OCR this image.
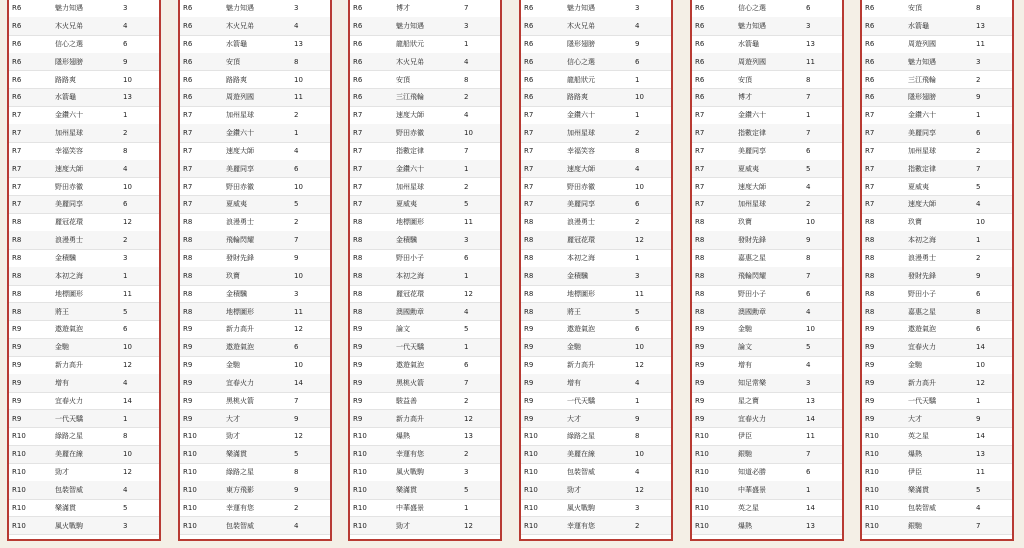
R6	魅力知遇	3
R6	木火兄弟	4
R6	信心之選	6
R6	隱形翅膀	9
R6	路路爽	10
R6	水箭龜	13
R7	金鑽六十	1
R7	加州星球	2
R7	幸福笑容	8
R7	速度大師	4
R7	野田赤徽	10
R7	美麗同享	6
R8	麗冠花環	12
R8	浪漫勇士	2
R8	金積驥	3
R8	本初之海	1
R8	地標圖形	11
R8	將王	5
R9	遨遊氣泡	6
R9	金馳	10
R9	新力高升	12
R9	增有	4
R9	宜春火力	14
R9	一代天驕	1
R10	綠路之星	8
R10	美麗在線	10
R10	勁才	12
R10	包裝智威	4
R10	樂滿貫	5
R10	風火戰駒	3
R6	魅力知遇	3
R6	木火兄弟	4
R6	水箭龜	13
R6	安頂	8
R6	路路爽	10
R6	周遊列國	11
R7	加州星球	2
R7	金鑽六十	1
R7	速度大師	4
R7	美麗同享	6
R7	野田赤徽	10
R7	夏威夷	5
R8	浪漫勇士	2
R8	飛輪閃耀	7
R8	發財先鋒	9
R8	玖寶	10
R8	金積驥	3
R8	地標圖形	11
R9	新力高升	12
R9	遨遊氣泡	6
R9	金馳	10
R9	宜春火力	14
R9	黑桃火箭	7
R9	大才	9
R10	勁才	12
R10	樂滿貫	5
R10	綠路之星	8
R10	東方飛影	9
R10	幸運有您	2
R10	包裝智威	4
R6	博才	7
R6	魅力知遇	3
R6	龍船狀元	1
R6	木火兄弟	4
R6	安頂	8
R6	三江飛輪	2
R7	速度大師	4
R7	野田赤徽	10
R7	指數定律	7
R7	金鑽六十	1
R7	加州星球	2
R7	夏威夷	5
R8	地標圖形	11
R8	金積驥	3
R8	野田小子	6
R8	本初之海	1
R8	麗冠花環	12
R8	澳國勳章	4
R9	論文	5
R9	一代天驕	1
R9	遨遊氣泡	6
R9	黑桃火箭	7
R9	駿益善	2
R9	新力高升	12
R10	爆熱	13
R10	幸運有您	2
R10	風火戰駒	3
R10	樂滿貫	5
R10	中華盛景	1
R10	勁才	12
R6	魅力知遇	3
R6	木火兄弟	4
R6	隱形翅膀	9
R6	信心之選	6
R6	龍船狀元	1
R6	路路爽	10
R7	金鑽六十	1
R7	加州星球	2
R7	幸福笑容	8
R7	速度大師	4
R7	野田赤徽	10
R7	美麗同享	6
R8	浪漫勇士	2
R8	麗冠花環	12
R8	本初之海	1
R8	金積驥	3
R8	地標圖形	11
R8	將王	5
R9	遨遊氣泡	6
R9	金馳	10
R9	新力高升	12
R9	增有	4
R9	一代天驕	1
R9	大才	9
R10	綠路之星	8
R10	美麗在線	10
R10	包裝智威	4
R10	勁才	12
R10	風火戰駒	3
R10	幸運有您	2
R6	信心之選	6
R6	魅力知遇	3
R6	水箭龜	13
R6	周遊列國	11
R6	安頂	8
R6	博才	7
R7	金鑽六十	1
R7	指數定律	7
R7	美麗同享	6
R7	夏威夷	5
R7	速度大師	4
R7	加州星球	2
R8	玖寶	10
R8	發財先鋒	9
R8	嘉惠之星	8
R8	飛輪閃耀	7
R8	野田小子	6
R8	澳國勳章	4
R9	金馳	10
R9	論文	5
R9	增有	4
R9	知足常樂	3
R9	星之寶	13
R9	宜春火力	14
R10	伊臣	11
R10	銀馳	7
R10	知道必勝	6
R10	中華盛景	1
R10	英之星	14
R10	爆熱	13
R6	安頂	8
R6	水箭龜	13
R6	周遊列國	11
R6	魅力知遇	3
R6	三江飛輪	2
R6	隱形翅膀	9
R7	金鑽六十	1
R7	美麗同享	6
R7	加州星球	2
R7	指數定律	7
R7	夏威夷	5
R7	速度大師	4
R8	玖寶	10
R8	本初之海	1
R8	浪漫勇士	2
R8	發財先鋒	9
R8	野田小子	6
R8	嘉惠之星	8
R9	遨遊氣泡	6
R9	宜春火力	14
R9	金馳	10
R9	新力高升	12
R9	一代天驕	1
R9	大才	9
R10	英之星	14
R10	爆熱	13
R10	伊臣	11
R10	樂滿貫	5
R10	包裝智威	4
R10	銀馳	7
